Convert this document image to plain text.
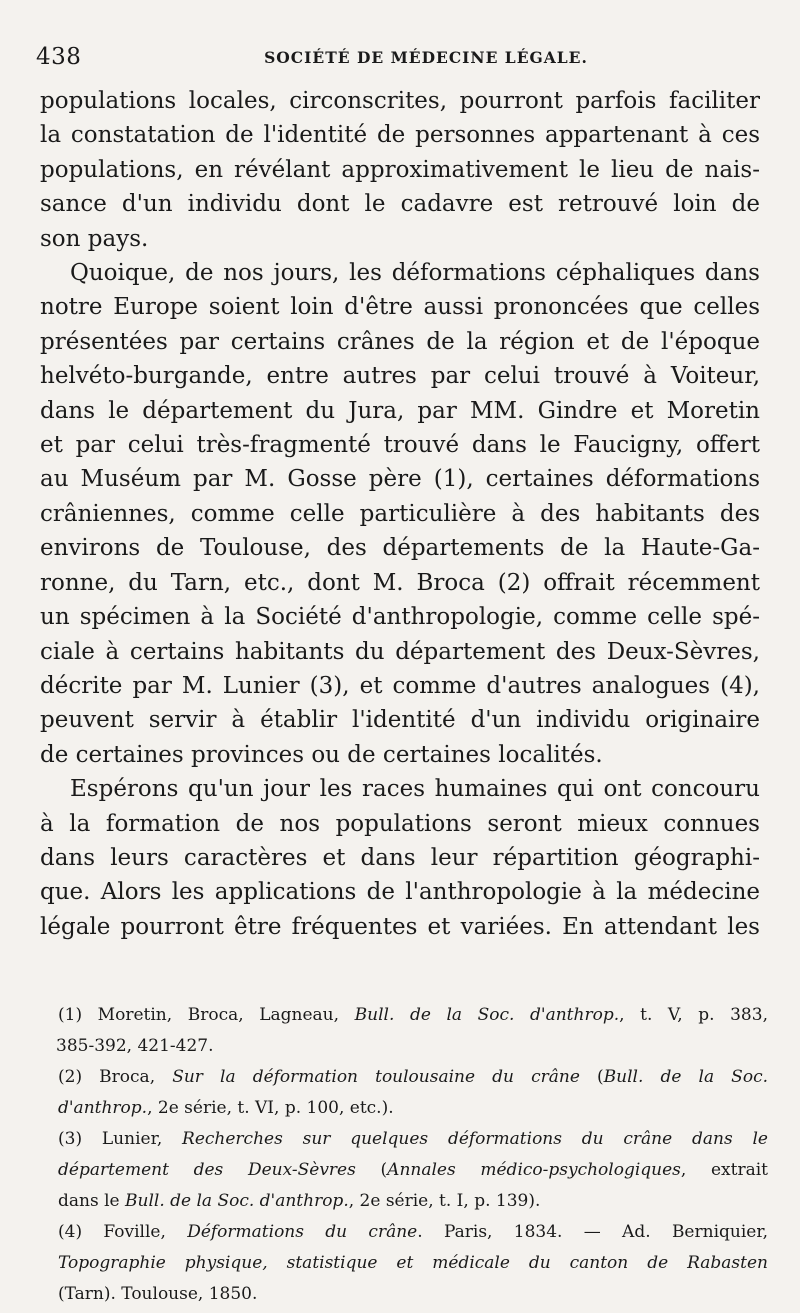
438	SOCIÉTÉ DE MÉDECINE LÉGALE.

populations locales, circonscrites, pourront parfois faciliter
la constatation de l'identité de personnes appartenant à ces
populations, en révélant approximativement le lieu de nais-
sance d'un individu dont le cadavre est retrouvé loin de
son pays.

Quoique, de nos jours, les déformations céphaliques dans
notre Europe soient loin d'être aussi prononcées que celles
présentées par certains crânes de la région et de l'époque
helvéto-burgande, entre autres par celui trouvé à Voiteur,
dans le département du Jura, par MM. Gindre et Moretin
et par celui très-fragmenté trouvé dans le Faucigny, offert
au Muséum par M. Gosse père (1), certaines déformations
crâniennes, comme celle particulière à des habitants des
environs de Toulouse, des départements de la Haute-Ga-
ronne, du Tarn, etc., dont M. Broca (2) offrait récemment
un spécimen à la Société d'anthropologie, comme celle spé-
ciale à certains habitants du département des Deux-Sèvres,
décrite par M. Lunier (3), et comme d'autres analogues (4),
peuvent servir à établir l'identité d'un individu originaire
de certaines provinces ou de certaines localités.

Espérons qu'un jour les races humaines qui ont concouru
à la formation de nos populations seront mieux connues
dans leurs caractères et dans leur répartition géographi-
que. Alors les applications de l'anthropologie à la médecine
légale pourront être fréquentes et variées. En attendant les

(1) Moretin, Broca, Lagneau, Bull. de la Soc. d'anthrop., t. V, p. 383,
385-392, 421-427.
(2) Broca, Sur la déformation toulousaine du crâne (Bull. de la Soc.
d'anthrop., 2e série, t. VI, p. 100, etc.).
(3) Lunier, Recherches sur quelques déformations du crâne dans le
département des Deux-Sèvres (Annales médico-psychologiques, extrait
dans le Bull. de la Soc. d'anthrop., 2e série, t. I, p. 139).
(4) Foville, Déformations du crâne. Paris, 1834. — Ad. Berniquier,
Topographie physique, statistique et médicale du canton de Rabasten
(Tarn). Toulouse, 1850.
